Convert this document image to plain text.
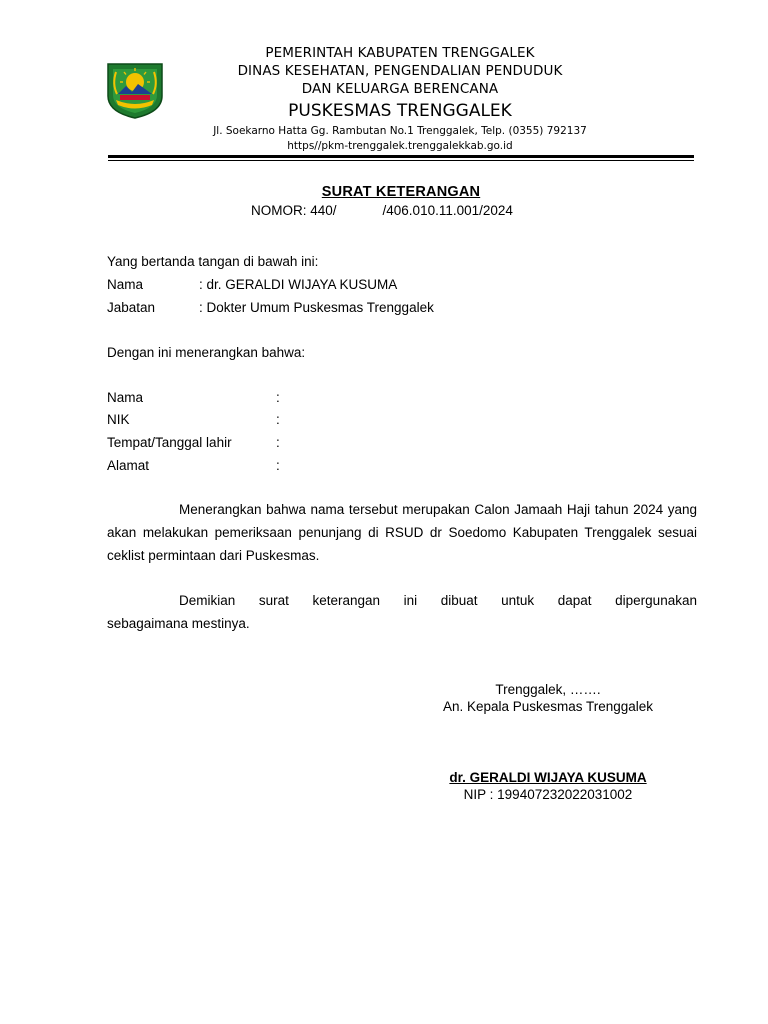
PEMERINTAH KABUPATEN TRENGGALEK
DINAS KESEHATAN, PENGENDALIAN PENDUDUK
DAN KELUARGA BERENCANA
PUSKESMAS TRENGGALEK
Jl. Soekarno Hatta Gg. Rambutan No.1 Trenggalek, Telp. (0355) 792137
https//pkm-trenggalek.trenggalekkab.go.id
SURAT KETERANGAN
NOMOR: 440/	/406.010.11.001/2024
Yang bertanda tangan di bawah ini:
Nama	: dr. GERALDI WIJAYA KUSUMA
Jabatan	: Dokter Umum Puskesmas Trenggalek
Dengan ini menerangkan bahwa:
Nama	:
NIK	:
Tempat/Tanggal lahir	:
Alamat	:
Menerangkan bahwa nama tersebut merupakan Calon Jamaah Haji tahun 2024 yang akan melakukan pemeriksaan penunjang di RSUD dr Soedomo Kabupaten Trenggalek sesuai ceklist permintaan dari Puskesmas.
Demikian surat keterangan ini dibuat untuk dapat dipergunakan
sebagaimana mestinya.
Trenggalek, …….
An. Kepala Puskesmas Trenggalek
dr. GERALDI WIJAYA KUSUMA
NIP : 199407232022031002
